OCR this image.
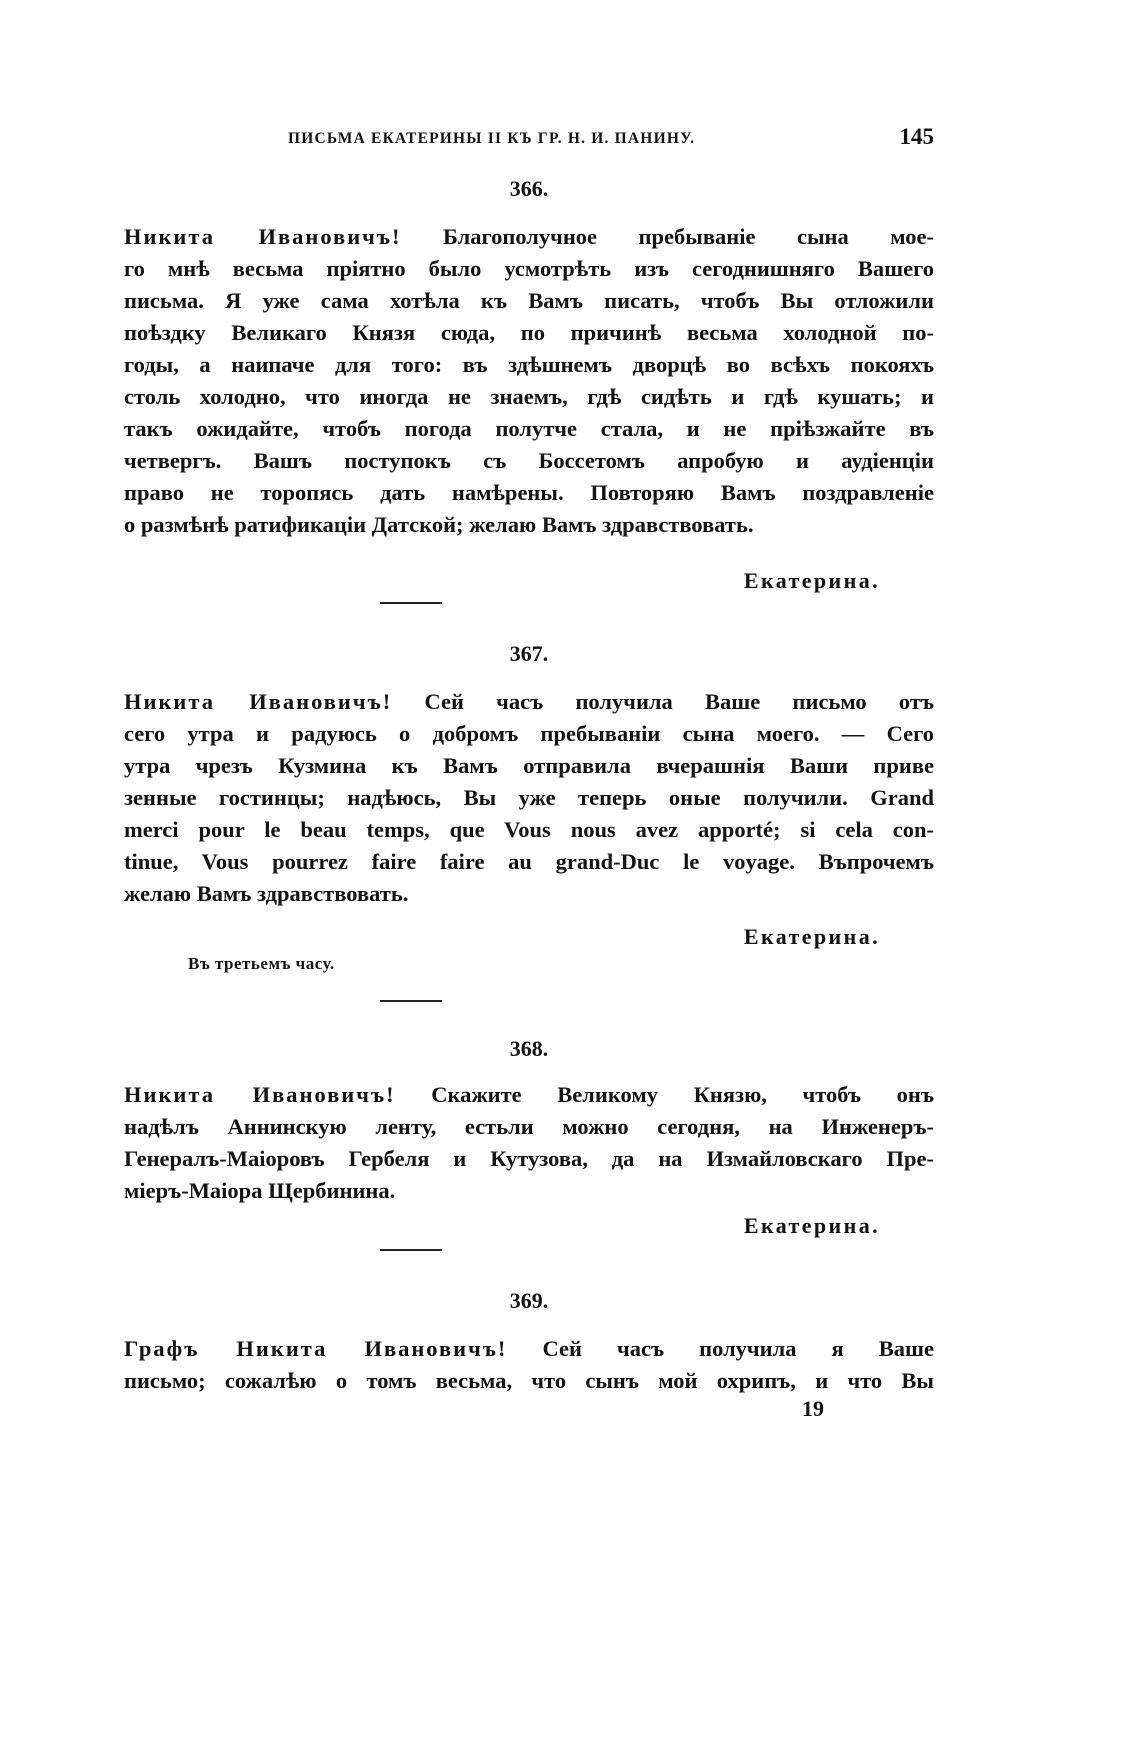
ПИСЬМА ЕКАТЕРИНЫ II КЪ ГР. Н. И. ПАНИНУ.	145
366.
Никита Ивановичъ! Благополучное пребываніе сына мое-
го мнѣ весьма пріятно было усмотрѣть изъ сегоднишняго Вашего
письма. Я уже сама хотѣла къ Вамъ писать, чтобъ Вы отложили
поѣздку Великаго Князя сюда, по причинѣ весьма холодной по-
годы, а наипаче для того: въ здѣшнемъ дворцѣ во всѣхъ покояхъ
столь холодно, что иногда не знаемъ, гдѣ сидѣть и гдѣ кушать; и
такъ ожидайте, чтобъ погода полутче стала, и не пріѣзжайте въ
четвергъ. Вашъ поступокъ съ Боссетомъ апробую и аудіенціи
право не торопясь дать намѣрены. Повторяю Вамъ поздравленіе
о размѣнѣ ратификаціи Датской; желаю Вамъ здравствовать.
Екатерина.
367.
Никита Ивановичъ! Сей часъ получила Ваше письмо отъ
сего утра и радуюсь о добромъ пребываніи сына моего. — Сего
утра чрезъ Кузмина къ Вамъ отправила вчерашнія Ваши приве
зенные гостинцы; надѣюсь, Вы уже теперь оные получили. Grand
merci pour le beau temps, que Vous nous avez apporté; si cela con-
tinue, Vous pourrez faire faire au grand-Duc le voyage. Въпрочемъ
желаю Вамъ здравствовать.
Екатерина.
Въ третьемъ часу.
368.
Никита Ивановичъ! Скажите Великому Князю, чтобъ онъ
надѣлъ Аннинскую ленту, естьли можно сегодня, на Инженеръ-
Генералъ-Маіоровъ Гербеля и Кутузова, да на Измайловскаго Пре-
міеръ-Маіора Щербинина.
Екатерина.
369.
Графъ Никита Ивановичъ! Сей часъ получила я Ваше
письмо; сожалѣю о томъ весьма, что сынъ мой охрипъ, и что Вы
19
